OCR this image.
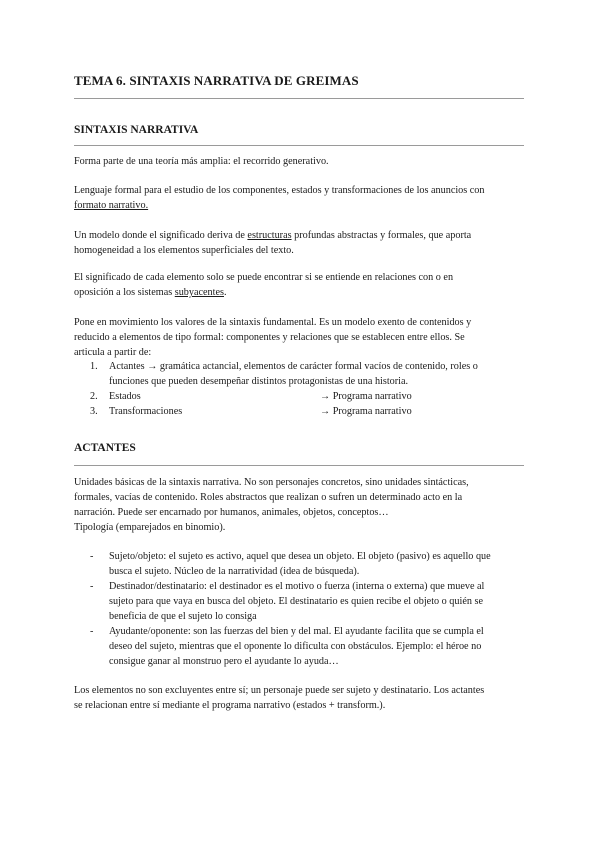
TEMA 6. SINTAXIS NARRATIVA DE GREIMAS
SINTAXIS NARRATIVA
Forma parte de una teoría más amplia: el recorrido generativo.
Lenguaje formal para el estudio de los componentes, estados y transformaciones de los anuncios con
formato narrativo.
Un modelo donde el significado deriva de estructuras profundas abstractas y formales, que aporta
homogeneidad a los elementos superficiales del texto.
El significado de cada elemento solo se puede encontrar si se entiende en relaciones con o en
oposición a los sistemas subyacentes.
Pone en movimiento los valores de la sintaxis fundamental. Es un modelo exento de contenidos y
reducido a elementos de tipo formal: componentes y relaciones que se establecen entre ellos. Se
articula a partir de:
1. Actantes → gramática actancial, elementos de carácter formal vacíos de contenido, roles o
funciones que pueden desempeñar distintos protagonistas de una historia.
2. Estados	→ Programa narrativo
3. Transformaciones	→ Programa narrativo
ACTANTES
Unidades básicas de la sintaxis narrativa. No son personajes concretos, sino unidades sintácticas,
formales, vacías de contenido. Roles abstractos que realizan o sufren un determinado acto en la
narración. Puede ser encarnado por humanos, animales, objetos, conceptos…
Tipología (emparejados en binomio).
- Sujeto/objeto: el sujeto es activo, aquel que desea un objeto. El objeto (pasivo) es aquello que
busca el sujeto. Núcleo de la narratividad (idea de búsqueda).
- Destinador/destinatario: el destinador es el motivo o fuerza (interna o externa) que mueve al
sujeto para que vaya en busca del objeto. El destinatario es quien recibe el objeto o quién se
beneficia de que el sujeto lo consiga
- Ayudante/oponente: son las fuerzas del bien y del mal. El ayudante facilita que se cumpla el
deseo del sujeto, mientras que el oponente lo dificulta con obstáculos. Ejemplo: el héroe no
consigue ganar al monstruo pero el ayudante lo ayuda…
Los elementos no son excluyentes entre sí; un personaje puede ser sujeto y destinatario. Los actantes
se relacionan entre sí mediante el programa narrativo (estados + transform.).
